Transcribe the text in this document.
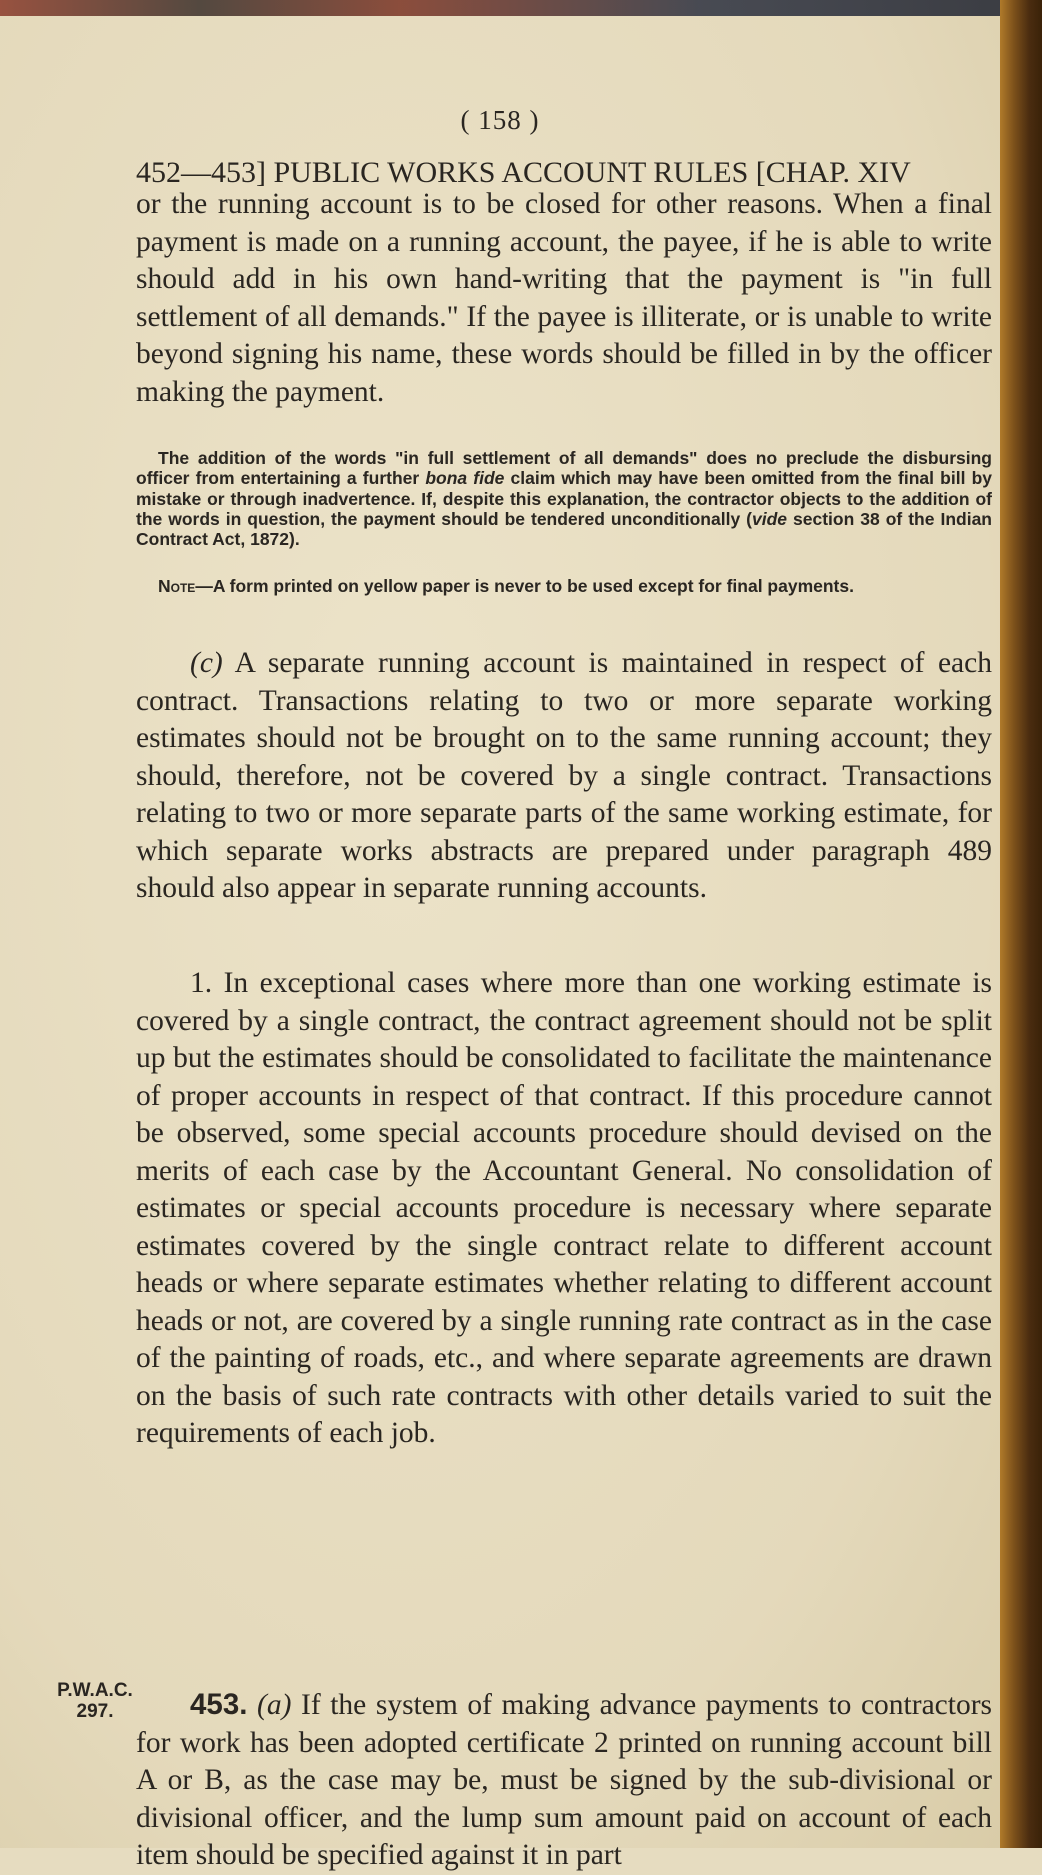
( 158 )
452—453] PUBLIC WORKS ACCOUNT RULES [CHAP. XIV

or the running account is to be closed for other reasons. When a final payment is made on a running account, the payee, if he is able to write should add in his own hand-writing that the payment is "in full settlement of all demands." If the payee is illiterate, or is unable to write beyond signing his name, these words should be filled in by the officer making the payment.

The addition of the words "in full settlement of all demands" does no preclude the disbursing officer from entertaining a further bona fide claim which may have been omitted from the final bill by mistake or through inadvertence. If, despite this explanation, the contractor objects to the addition of the words in question, the payment should be tendered unconditionally (vide section 38 of the Indian Contract Act, 1872).

Note—A form printed on yellow paper is never to be used except for final payments.

(c) A separate running account is maintained in respect of each contract. Transactions relating to two or more separate working estimates should not be brought on to the same running account; they should, therefore, not be covered by a single contract. Transactions relating to two or more separate parts of the same working estimate, for which separate works abstracts are prepared under paragraph 489 should also appear in separate running accounts.

1. In exceptional cases where more than one working estimate is covered by a single contract, the contract agreement should not be split up but the estimates should be consolidated to facilitate the maintenance of proper accounts in respect of that contract. If this procedure cannot be observed, some special accounts procedure should devised on the merits of each case by the Accountant General. No consolidation of estimates or special accounts procedure is necessary where separate estimates covered by the single contract relate to different account heads or where separate estimates whether relating to different account heads or not, are covered by a single running rate contract as in the case of the painting of roads, etc., and where separate agreements are drawn on the basis of such rate contracts with other details varied to suit the requirements of each job.

P.W.A.C.
297.	453. (a) If the system of making advance payments to contractors for work has been adopted certificate 2 printed on running account bill A or B, as the case may be, must be signed by the sub-divisional or divisional officer, and the lump sum amount paid on account of each item should be specified against it in part
